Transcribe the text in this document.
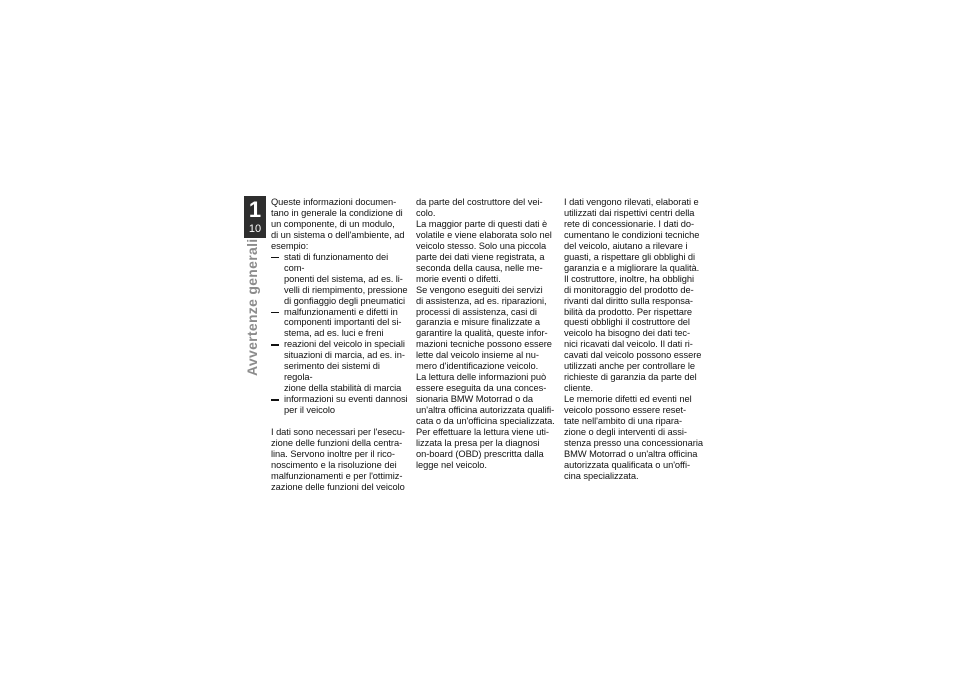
1
10
Avvertenze generali

Queste informazioni documen-
tano in generale la condizione di
un componente, di un modulo,
di un sistema o dell'ambiente, ad
esempio:

stati di funzionamento dei com-
ponenti del sistema, ad es. li-
velli di riempimento, pressione
di gonfiaggio degli pneumatici
malfunzionamenti e difetti in
componenti importanti del si-
stema, ad es. luci e freni
reazioni del veicolo in speciali
situazioni di marcia, ad es. in-
serimento dei sistemi di regola-
zione della stabilità di marcia
informazioni su eventi dannosi
per il veicolo

I dati sono necessari per l'esecu-
zione delle funzioni della centra-
lina. Servono inoltre per il rico-
noscimento e la risoluzione dei
malfunzionamenti e per l'ottimiz-
zazione delle funzioni del veicolo

da parte del costruttore del vei-
colo.
La maggior parte di questi dati è
volatile e viene elaborata solo nel
veicolo stesso. Solo una piccola
parte dei dati viene registrata, a
seconda della causa, nelle me-
morie eventi o difetti.
Se vengono eseguiti dei servizi
di assistenza, ad es. riparazioni,
processi di assistenza, casi di
garanzia e misure finalizzate a
garantire la qualità, queste infor-
mazioni tecniche possono essere
lette dal veicolo insieme al nu-
mero d'identificazione veicolo.
La lettura delle informazioni può
essere eseguita da una conces-
sionaria BMW Motorrad o da
un'altra officina autorizzata qualifi-
cata o da un'officina specializzata.
Per effettuare la lettura viene uti-
lizzata la presa per la diagnosi
on-board (OBD) prescritta dalla
legge nel veicolo.

I dati vengono rilevati, elaborati e
utilizzati dai rispettivi centri della
rete di concessionarie. I dati do-
cumentano le condizioni tecniche
del veicolo, aiutano a rilevare i
guasti, a rispettare gli obblighi di
garanzia e a migliorare la qualità.
Il costruttore, inoltre, ha obblighi
di monitoraggio del prodotto de-
rivanti dal diritto sulla responsa-
bilità da prodotto. Per rispettare
questi obblighi il costruttore del
veicolo ha bisogno dei dati tec-
nici ricavati dal veicolo. Il dati ri-
cavati dal veicolo possono essere
utilizzati anche per controllare le
richieste di garanzia da parte del
cliente.
Le memorie difetti ed eventi nel
veicolo possono essere reset-
tate nell'ambito di una ripara-
zione o degli interventi di assi-
stenza presso una concessionaria
BMW Motorrad o un'altra officina
autorizzata qualificata o un'offi-
cina specializzata.
